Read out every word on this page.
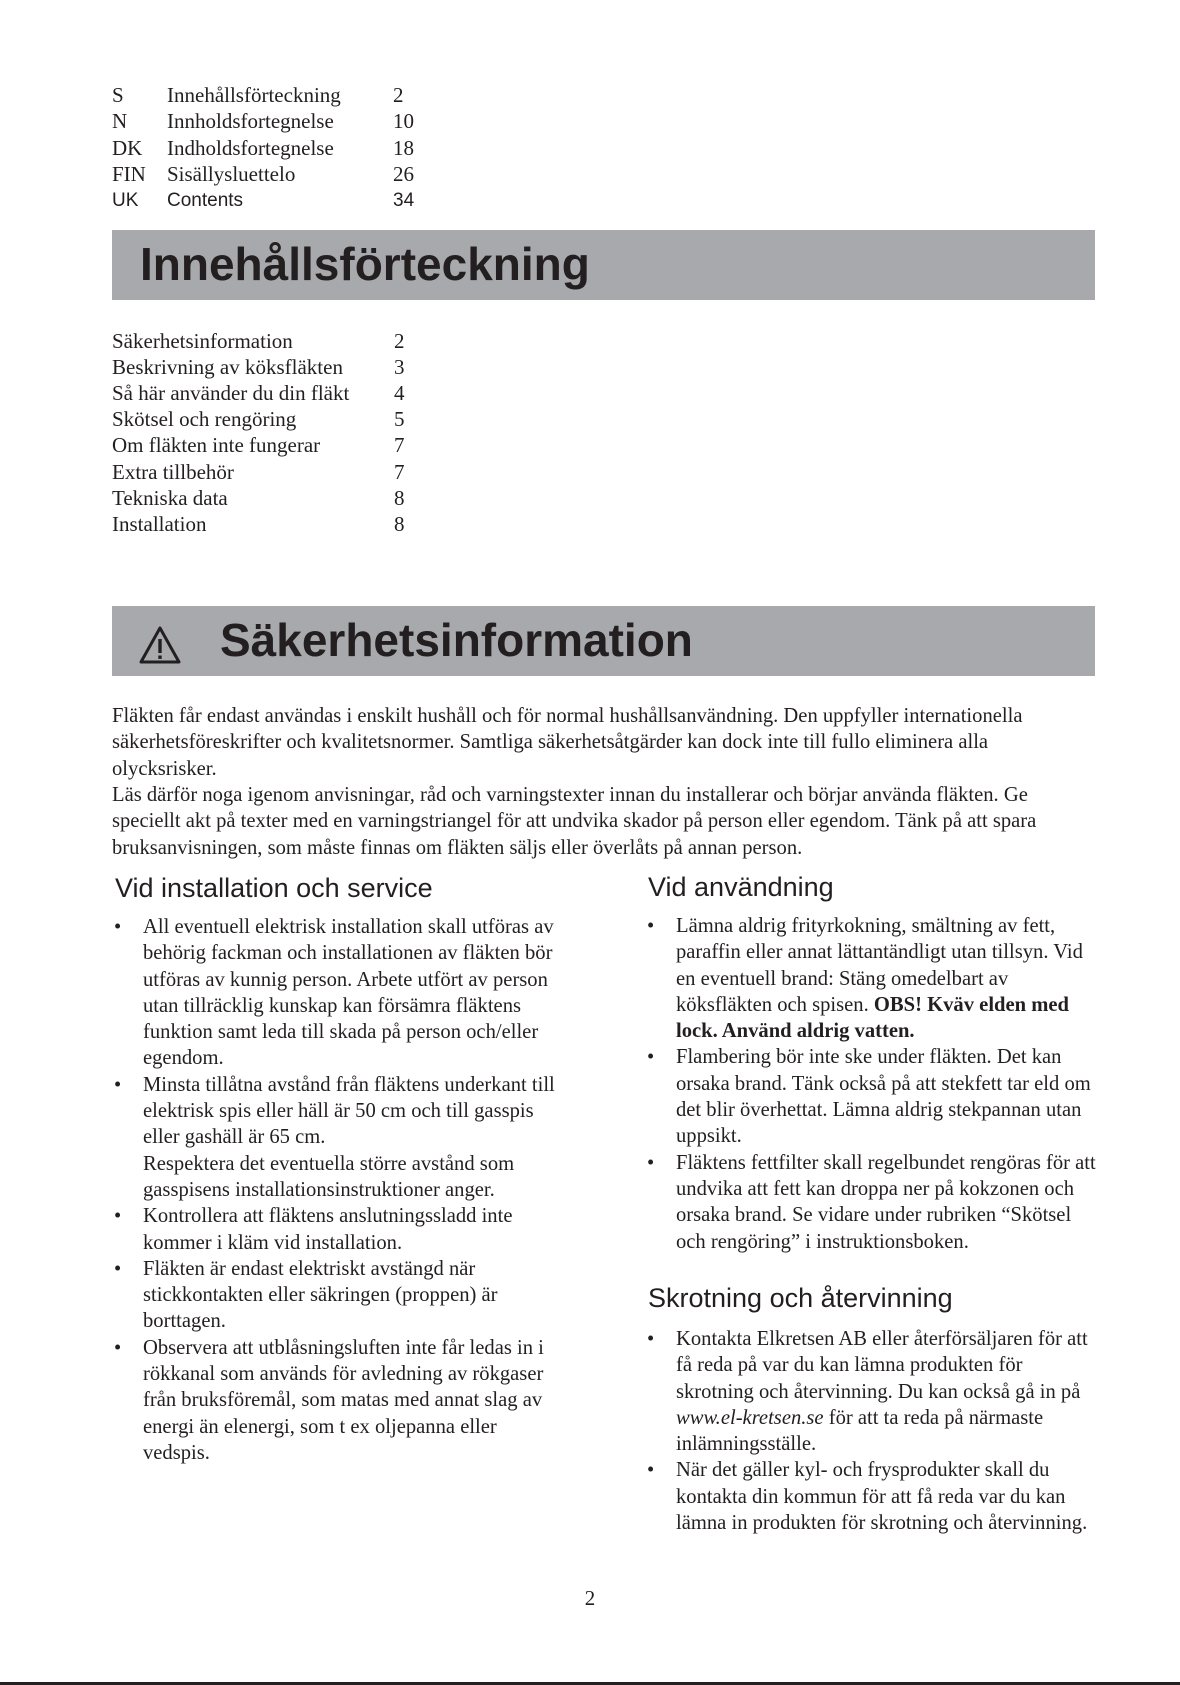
S Innehållsförteckning 2
N Innholdsfortegnelse	10
DK Indholdsfortegnelse	18
FIN Sisällysluettelo	26
UK Contents	34
Innehållsförteckning
Säkerhetsinformation	2
Beskrivning av köksfläkten 3
Så här använder du din fläkt 4
Skötsel och rengöring	5
Om fläkten inte fungerar	7
Extra tillbehör	7
Tekniska data	8
Installation	8
Säkerhetsinformation
Fläkten får endast användas i enskilt hushåll och för normal hushållsanvändning. Den uppfyller internationella säkerhetsföreskrifter och kvalitetsnormer. Samtliga säkerhetsåtgärder kan dock inte till fullo eliminera alla olycksrisker.
Läs därför noga igenom anvisningar, råd och varningstexter innan du installerar och börjar använda fläkten. Ge speciellt akt på texter med en varningstriangel för att undvika skador på person eller egendom. Tänk på att spara bruksanvisningen, som måste finnas om fläkten säljs eller överlåts på annan person.
Vid installation och service
• All eventuell elektrisk installation skall utföras av behörig fackman och installationen av fläkten bör utföras av kunnig person. Arbete utfört av person utan tillräcklig kunskap kan försämra fläktens funktion samt leda till skada på person och/eller egendom.
• Minsta tillåtna avstånd från fläktens underkant till elektrisk spis eller häll är 50 cm och till gasspis eller gashäll är 65 cm.
Respektera det eventuella större avstånd som gasspisens installationsinstruktioner anger.
• Kontrollera att fläktens anslutningssladd inte kommer i kläm vid installation.
• Fläkten är endast elektriskt avstängd när stickkontakten eller säkringen (proppen) är borttagen.
• Observera att utblåsningsluften inte får ledas in i rökkanal som används för avledning av rökgaser från bruksföremål, som matas med annat slag av energi än elenergi, som t ex oljepanna eller vedspis.
Vid användning
• Lämna aldrig frityrkokning, smältning av fett, paraffin eller annat lättantändligt utan tillsyn. Vid en eventuell brand: Stäng omedelbart av köksfläkten och spisen. OBS! Kväv elden med lock. Använd aldrig vatten.
• Flambering bör inte ske under fläkten. Det kan orsaka brand. Tänk också på att stekfett tar eld om det blir överhettat. Lämna aldrig stekpannan utan uppsikt.
• Fläktens fettfilter skall regelbundet rengöras för att undvika att fett kan droppa ner på kokzonen och orsaka brand. Se vidare under rubriken “Skötsel och rengöring” i instruktionsboken.
Skrotning och återvinning
• Kontakta Elkretsen AB eller återförsäljaren för att få reda på var du kan lämna produkten för skrotning och återvinning. Du kan också gå in på www.el-kretsen.se för att ta reda på närmaste inlämningsställe.
• När det gäller kyl- och frysprodukter skall du kontakta din kommun för att få reda var du kan lämna in produkten för skrotning och återvinning.
2
